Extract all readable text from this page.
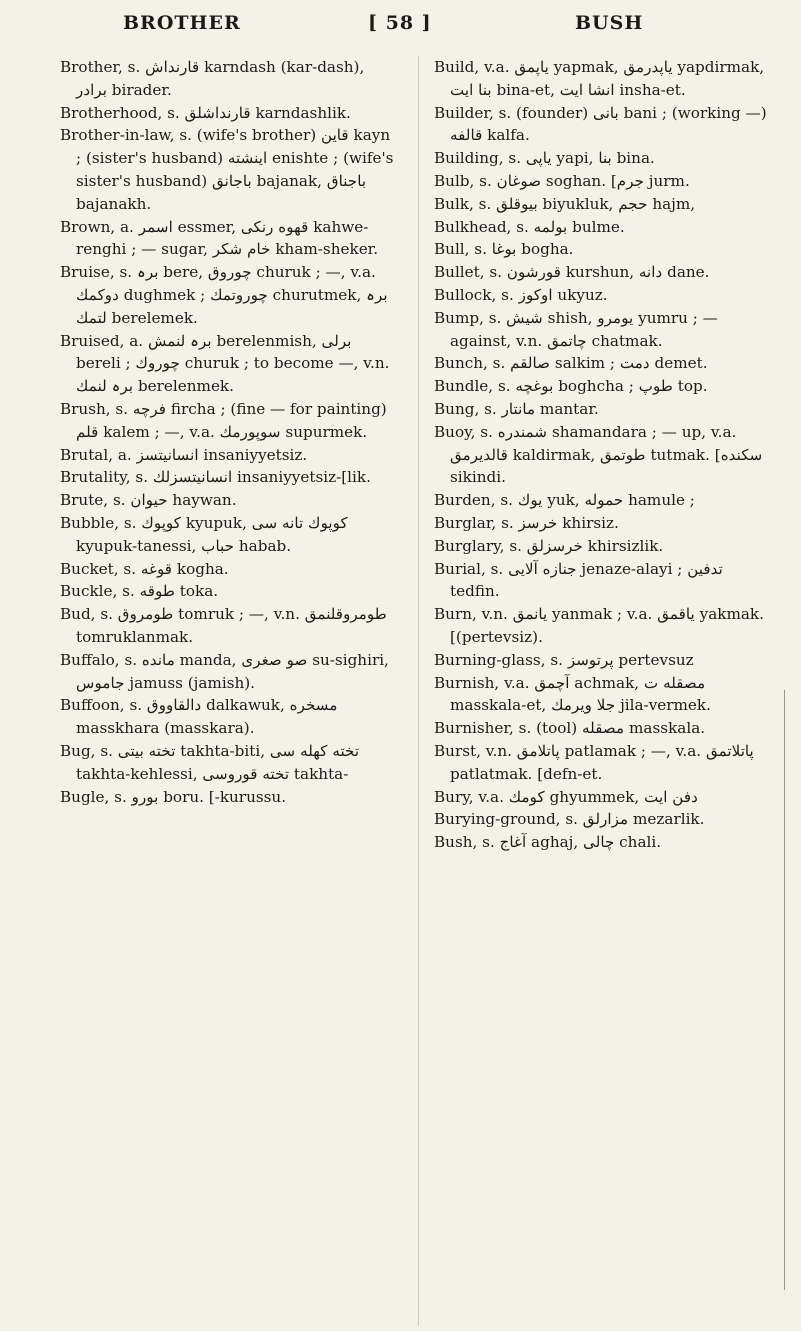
BROTHER	[ 58 ]	BUSH

Brother, s. قارنداش karndash (kar-dash), برادر birader.

Brotherhood, s. قارنداشلق karndashlik.

Brother-in-law, s. (wife's brother) قاين kayn ; (sister's husband) اينشته enishte ; (wife's sister's husband) باجانق bajanak, باجناق bajanakh.

Brown, a. اسمر essmer, قهوه رنكى kahwe-renghi ; — sugar, خام شكر kham-sheker.

Bruise, s. برہ bere, چوروق churuk ; —, v.a. دوكمك dughmek ; چوروتمك churutmek, برہ لتمك berelemek.

Bruised, a. برہ لنمش berelenmish, برلى bereli ; چوروك churuk ; to become —, v.n. برہ لنمك berelenmek.

Brush, s. فرچه fircha ; (fine — for painting) قلم kalem ; —, v.a. سوپورمك supurmek.

Brutal, a. انسانيتسز insaniyyetsiz.

Brutality, s. انسانيتسزلك insaniyyetsiz-[lik.

Brute, s. حيوان haywan.

Bubble, s. كوپوك kyupuk, كوپوك تانه سى kyupuk-tanessi, حباب habab.

Bucket, s. قوغه kogha.

Buckle, s. طوقه toka.

Bud, s. طومروق tomruk ; —, v.n. طومروقلنمق tomruklanmak.

Buffalo, s. مانده manda, صو صغرى su-sighiri, جاموس jamuss (jamish).

Buffoon, s. دالقاووق dalkawuk, مسخره masskhara (masskara).

Bug, s. تخته بيتى takhta-biti, تخته كهله سى takhta-kehlessi, تخته قوروسى takhta-

Bugle, s. بورو boru. [-kurussu.

Build, v.a. ياپمق yapmak, ياپدرمق yapdirmak, بنا ايت bina-et, انشا ايت insha-et.

Builder, s. (founder) بانى bani ; (working —) قالفه kalfa.

Building, s. ياپى yapi, بنا bina.

Bulb, s. صوغان soghan. [جرم jurm.

Bulk, s. بيوقلق biyukluk, حجم hajm,

Bulkhead, s. بولمه bulme.

Bull, s. بوغا bogha.

Bullet, s. قورشون kurshun, دانه dane.

Bullock, s. اوكوز ukyuz.

Bump, s. شيش shish, يومرو yumru ; — against, v.n. چاتمق chatmak.

Bunch, s. صالقم salkim ; دمت demet.

Bundle, s. بوغچه boghcha ; طوپ top.

Bung, s. مانتار mantar.

Buoy, s. شمندره shamandara ; — up, v.a. قالديرمق kaldirmak, طوتمق tutmak. [سكنده sikindi.

Burden, s. يوك yuk, حموله hamule ;

Burglar, s. خرسز khirsiz.

Burglary, s. خرسزلق khirsizlik.

Burial, s. جنازه آلايى jenaze-alayi ; تدفين tedfin.

Burn, v.n. يانمق yanmak ; v.a. ياقمق yakmak. [(pertevsiz).

Burning-glass, s. پرتوسز pertevsuz

Burnish, v.a. آچمق achmak, مصقله ت masskala-et, جلا ويرمك jila-vermek.

Burnisher, s. (tool) مصقله masskala.

Burst, v.n. پاتلامق patlamak ; —, v.a. پاتلاتمق patlatmak. [defn-et.

Bury, v.a. كومك ghyummek, دفن ايت

Burying-ground, s. مزارلق mezarlik.

Bush, s. آغاج aghaj, چالى chali.
